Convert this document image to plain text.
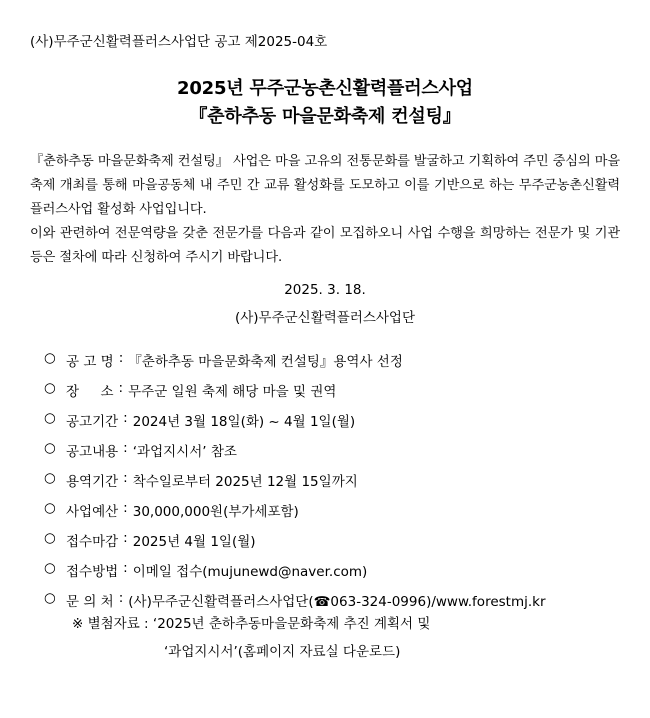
(사)무주군신활력플러스사업단 공고 제2025-04호
2025년 무주군농촌신활력플러스사업
『춘하추동 마을문화축제 컨설팅』

『춘하추동 마을문화축제 컨설팅』 사업은 마을 고유의 전통문화를 발굴하고 기획하여 주민 중심의 마을축제 개최를 통해 마을공동체 내 주민 간 교류 활성화를 도모하고 이를 기반으로 하는 무주군농촌신활력플러스사업 활성화 사업입니다.

이와 관련하여 전문역량을 갖춘 전문가를 다음과 같이 모집하오니 사업 수행을 희망하는 전문가 및 기관 등은 절차에 따라 신청하여 주시기 바랍니다.

2025. 3. 18.
(사)무주군신활력플러스사업단
○ 공 고 명 : 『춘하추동 마을문화축제 컨설팅』용역사 선정
○ 장     소 : 무주군 일원 축제 해당 마을 및 권역
○ 공고기간 : 2024년 3월 18일(화) ~ 4월 1일(월)
○ 공고내용 : ‘과업지시서’ 참조
○ 용역기간 : 착수일로부터 2025년 12월 15일까지
○ 사업예산 : 30,000,000원(부가세포함)
○ 접수마감 : 2025년 4월 1일(월)
○ 접수방법 : 이메일 접수(mujunewd@naver.com)
○ 문 의 처 : (사)무주군신활력플러스사업단(☎063-324-0996)/www.forestmj.kr
※ 별첨자료 : ‘2025년 춘하추동마을문화축제 추진 계획서 및
‘과업지시서’(홈페이지 자료실 다운로드)
